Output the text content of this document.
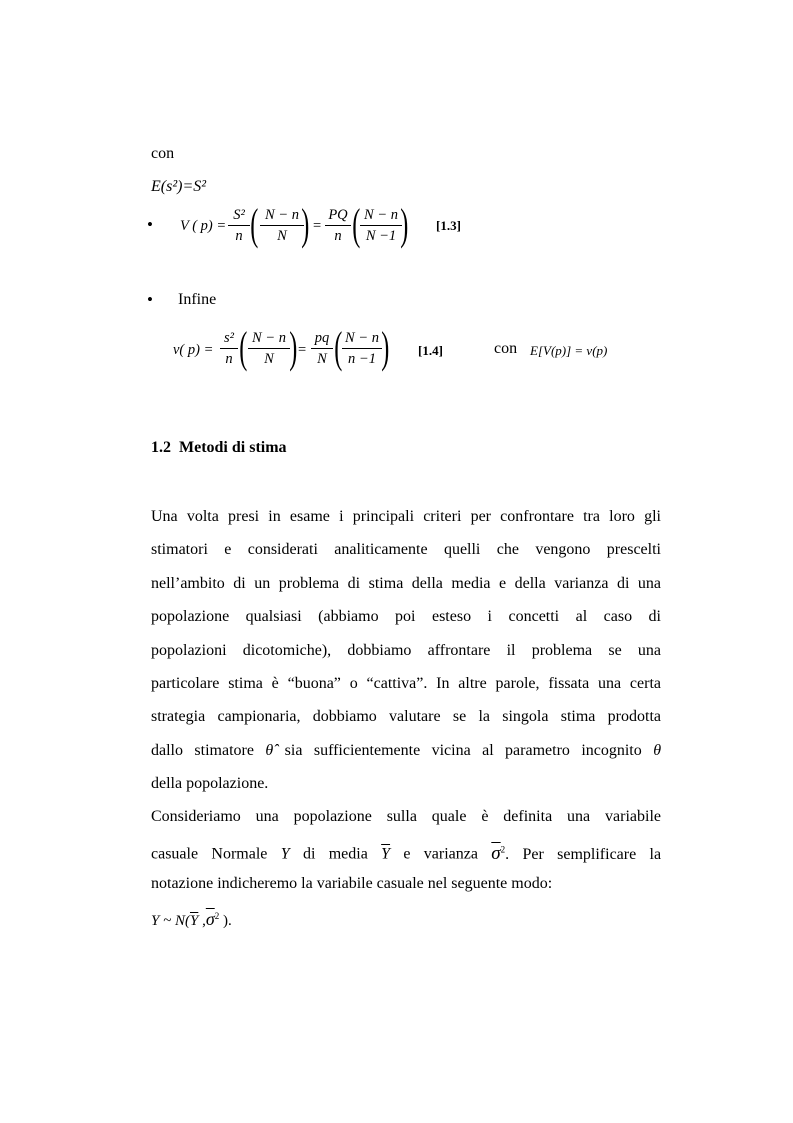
con
E(s²)=S²
• V ( p) =
S²
n ( N − n
N ) =
PQ
n ( N − n
N −1 ) [1.3]
• Infine
v( p) =
s²
n ( N − n
N ) =
pq
N ( N − n
n −1 ) [1.4]	con E[V(p)] = v(p)
1.2 Metodi di stima
Una volta presi in esame i principali criteri per confrontare tra loro gli
stimatori e considerati analiticamente quelli che vengono prescelti
nell’ambito di un problema di stima della media e della varianza di una
popolazione qualsiasi (abbiamo poi esteso i concetti al caso di
popolazioni dicotomiche), dobbiamo affrontare il problema se una
particolare stima è “buona” o “cattiva”. In altre parole, fissata una certa
strategia campionaria, dobbiamo valutare se la singola stima prodotta
dallo stimatore θ̂ sia sufficientemente vicina al parametro incognito θ
della popolazione.
Consideriamo una popolazione sulla quale è definita una variabile
casuale Normale Y di media $\overline{Y}$ e varianza $\overline{\sigma}^2$. Per semplificare la
notazione indicheremo la variabile casuale nel seguente modo:
Y ~ $N(\overline{Y}$ $,\overline{\sigma}^2$ ).
